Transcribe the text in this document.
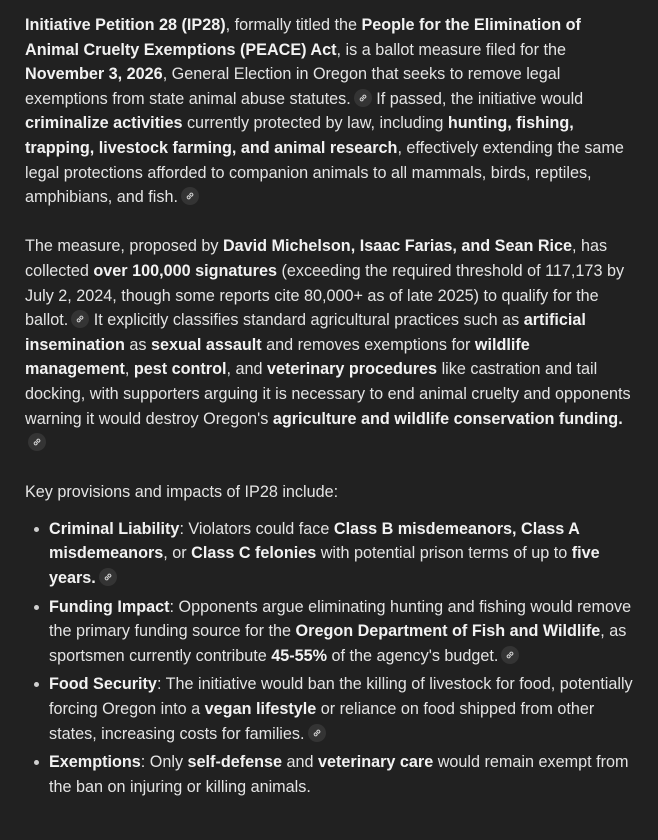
Initiative Petition 28 (IP28), formally titled the People for the Elimination of Animal Cruelty Exemptions (PEACE) Act, is a ballot measure filed for the November 3, 2026, General Election in Oregon that seeks to remove legal exemptions from state animal abuse statutes.
If passed, the initiative would criminalize activities currently protected by law, including hunting, fishing, trapping, livestock farming, and animal research, effectively extending the same legal protections afforded to companion animals to all mammals, birds, reptiles, amphibians, and fish.

The measure, proposed by David Michelson, Isaac Farias, and Sean Rice, has collected over 100,000 signatures (exceeding the required threshold of 117,173 by July 2, 2024, though some reports cite 80,000+ as of late 2025) to qualify for the ballot.
It explicitly classifies standard agricultural practices such as artificial insemination as sexual assault and removes exemptions for wildlife management, pest control, and veterinary procedures like castration and tail docking, with supporters arguing it is necessary to end animal cruelty and opponents warning it would destroy Oregon's agriculture and wildlife conservation funding.

Key provisions and impacts of IP28 include:

Criminal Liability: Violators could face Class B misdemeanors, Class A misdemeanors, or Class C felonies with potential prison terms of up to five years.
Funding Impact: Opponents argue eliminating hunting and fishing would remove the primary funding source for the Oregon Department of Fish and Wildlife, as sportsmen currently contribute 45-55% of the agency's budget.
Food Security: The initiative would ban the killing of livestock for food, potentially forcing Oregon into a vegan lifestyle or reliance on food shipped from other states, increasing costs for families.
Exemptions: Only self-defense and veterinary care would remain exempt from the ban on injuring or killing animals.
